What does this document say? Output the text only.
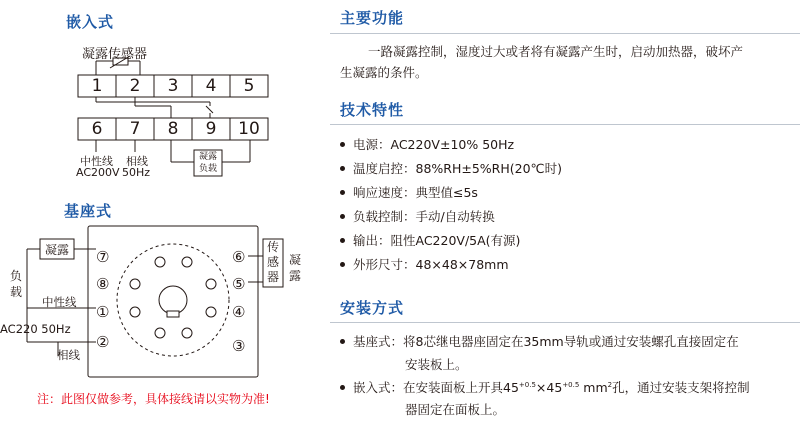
嵌入式
凝露传感器
1	2	3	4	5
6	7	8	9	10
中性线
AC200V
相线
50Hz
凝露
负载
基座式
凝露
负
载
中性线
AC220 50Hz
相线
⑦
⑧
①
②
⑥
⑤
④
③
传
感
器
凝
露
注：此图仅做参考，具体接线请以实物为准!
主要功能
一路凝露控制，湿度过大或者将有凝露产生时，启动加热器，破坏产
生凝露的条件。
技术特性
电源：AC220V±10% 50Hz
温度启控：88%RH±5%RH(20℃时)
响应速度：典型值≤5s
负载控制：手动/自动转换
输出：阻性AC220V/5A(有源)
外形尺寸：48×48×78mm
安装方式
基座式：将8芯继电器座固定在35mm导轨或通过安装螺孔直接固定在
安装板上。
嵌入式：在安装面板上开具$45^{+0.5}\times 45^{+0.5}$ $mm^2$孔，通过安装支架将控制
器固定在面板上。
